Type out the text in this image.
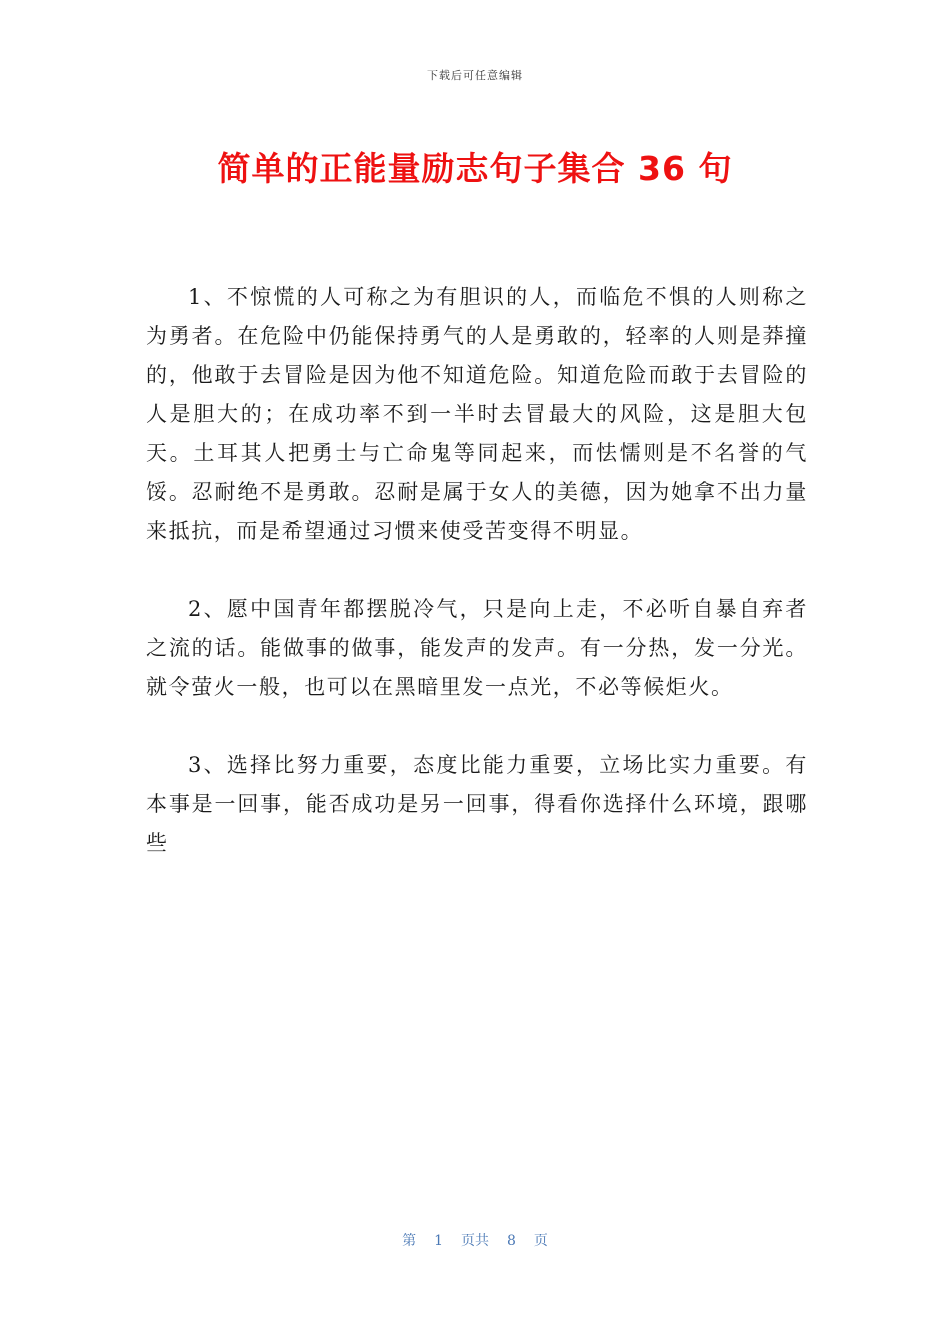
下载后可任意编辑
简单的正能量励志句子集合 36 句

1、不惊慌的人可称之为有胆识的人，而临危不惧的人则称之为勇者。在危险中仍能保持勇气的人是勇敢的，轻率的人则是莽撞的，他敢于去冒险是因为他不知道危险。知道危险而敢于去冒险的人是胆大的；在成功率不到一半时去冒最大的风险，这是胆大包天。土耳其人把勇士与亡命鬼等同起来，而怯懦则是不名誉的气馁。忍耐绝不是勇敢。忍耐是属于女人的美德，因为她拿不出力量来抵抗，而是希望通过习惯来使受苦变得不明显。

2、愿中国青年都摆脱冷气，只是向上走，不必听自暴自弃者之流的话。能做事的做事，能发声的发声。有一分热，发一分光。就令萤火一般，也可以在黑暗里发一点光，不必等候炬火。

3、选择比努力重要，态度比能力重要，立场比实力重要。有本事是一回事，能否成功是另一回事，得看你选择什么环境，跟哪些

第 1 页共 8 页
